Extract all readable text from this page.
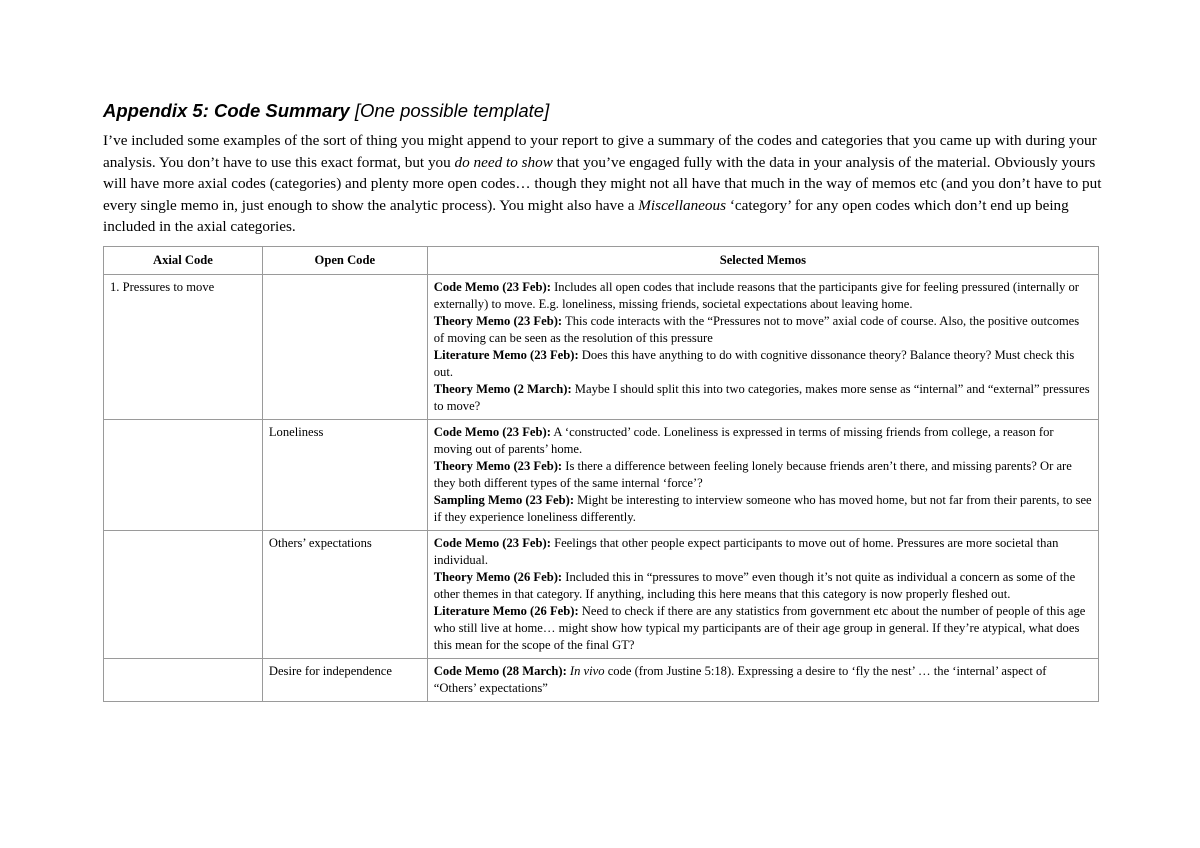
Appendix 5: Code Summary [One possible template]

I’ve included some examples of the sort of thing you might append to your report to give a summary of the codes and categories that you came up with during your analysis. You don’t have to use this exact format, but you do need to show that you’ve engaged fully with the data in your analysis of the material. Obviously yours will have more axial codes (categories) and plenty more open codes… though they might not all have that much in the way of memos etc (and you don’t have to put every single memo in, just enough to show the analytic process). You might also have a Miscellaneous ‘category’ for any open codes which don’t end up being included in the axial categories.

Axial Code	Open Code	Selected Memos
1. Pressures to move		Code Memo (23 Feb): Includes all open codes that include reasons that the participants give for feeling pressured (internally or externally) to move. E.g. loneliness, missing friends, societal expectations about leaving home.
Theory Memo (23 Feb): This code interacts with the “Pressures not to move” axial code of course. Also, the positive outcomes of moving can be seen as the resolution of this pressure
Literature Memo (23 Feb): Does this have anything to do with cognitive dissonance theory? Balance theory? Must check this out.
Theory Memo (2 March): Maybe I should split this into two categories, makes more sense as “internal” and “external” pressures to move?

	Loneliness	Code Memo (23 Feb): A ‘constructed’ code. Loneliness is expressed in terms of missing friends from college, a reason for moving out of parents’ home.
Theory Memo (23 Feb): Is there a difference between feeling lonely because friends aren’t there, and missing parents? Or are they both different types of the same internal ‘force’?
Sampling Memo (23 Feb): Might be interesting to interview someone who has moved home, but not far from their parents, to see if they experience loneliness differently.

	Others’ expectations	Code Memo (23 Feb): Feelings that other people expect participants to move out of home. Pressures are more societal than individual.
Theory Memo (26 Feb): Included this in “pressures to move” even though it’s not quite as individual a concern as some of the other themes in that category. If anything, including this here means that this category is now properly fleshed out.
Literature Memo (26 Feb): Need to check if there are any statistics from government etc about the number of people of this age who still live at home… might show how typical my participants are of their age group in general. If they’re atypical, what does this mean for the scope of the final GT?

	Desire for independence	Code Memo (28 March): In vivo code (from Justine 5:18). Expressing a desire to ‘fly the nest’ … the ‘internal’ aspect of “Others’ expectations”
